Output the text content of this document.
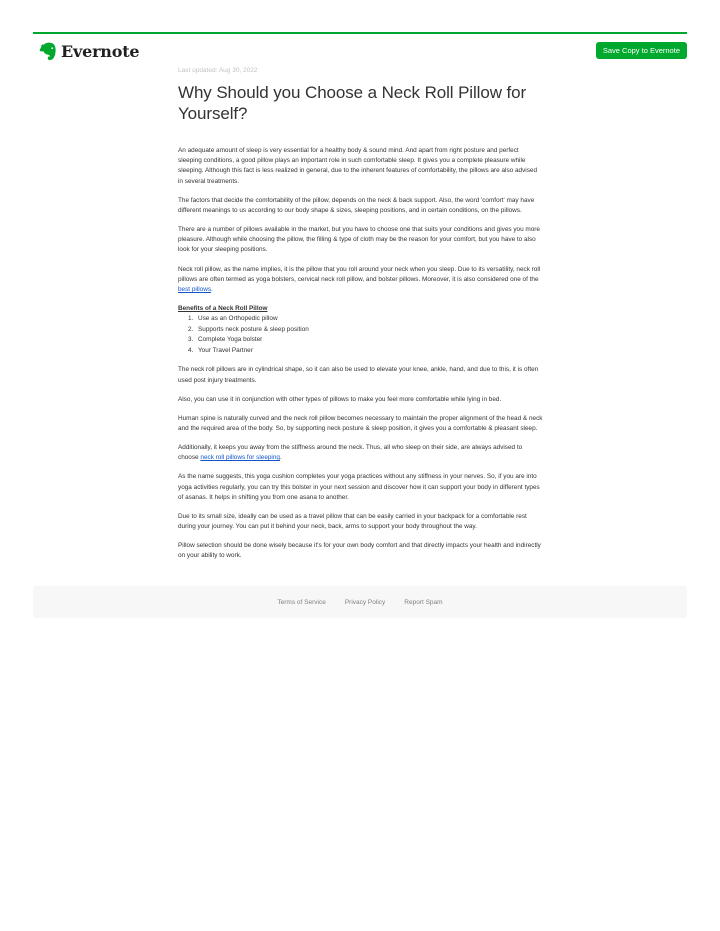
Evernote	Save Copy to Evernote
Last updated: Aug 30, 2022
Why Should you Choose a Neck Roll Pillow for Yourself?

An adequate amount of sleep is very essential for a healthy body & sound mind. And apart from right posture and perfect sleeping conditions, a good pillow plays an important role in such comfortable sleep. It gives you a complete pleasure while sleeping. Although this fact is less realized in general, due to the inherent features of comfortability, the pillows are also advised in several treatments.

The factors that decide the comfortability of the pillow, depends on the neck & back support. Also, the word 'comfort' may have different meanings to us according to our body shape & sizes, sleeping positions, and in certain conditions, on the pillows.

There are a number of pillows available in the market, but you have to choose one that suits your conditions and gives you more pleasure. Although while choosing the pillow, the filling & type of cloth may be the reason for your comfort, but you have to also look for your sleeping positions.

Neck roll pillow, as the name implies, it is the pillow that you roll around your neck when you sleep. Due to its versatility, neck roll pillows are often termed as yoga bolsters, cervical neck roll pillow, and bolster pillows. Moreover, it is also considered one of the best pillows.

Benefits of a Neck Roll Pillow
1. Use as an Orthopedic pillow
2. Supports neck posture & sleep position
3. Complete Yoga bolster
4. Your Travel Partner

The neck roll pillows are in cylindrical shape, so it can also be used to elevate your knee, ankle, hand, and due to this, it is often used post injury treatments.

Also, you can use it in conjunction with other types of pillows to make you feel more comfortable while lying in bed.

Human spine is naturally curved and the neck roll pillow becomes necessary to maintain the proper alignment of the head & neck and the required area of the body. So, by supporting neck posture & sleep position, it gives you a comfortable & pleasant sleep.

Additionally, it keeps you away from the stiffness around the neck. Thus, all who sleep on their side, are always advised to choose neck roll pillows for sleeping.

As the name suggests, this yoga cushion completes your yoga practices without any stiffness in your nerves. So, if you are into yoga activities regularly, you can try this bolster in your next session and discover how it can support your body in different types of asanas. It helps in shifting you from one asana to another.

Due to its small size, ideally can be used as a travel pillow that can be easily carried in your backpack for a comfortable rest during your journey. You can put it behind your neck, back, arms to support your body throughout the way.

Pillow selection should be done wisely because it's for your own body comfort and that directly impacts your health and indirectly on your ability to work.

Terms of Service	Privacy Policy	Report Spam
